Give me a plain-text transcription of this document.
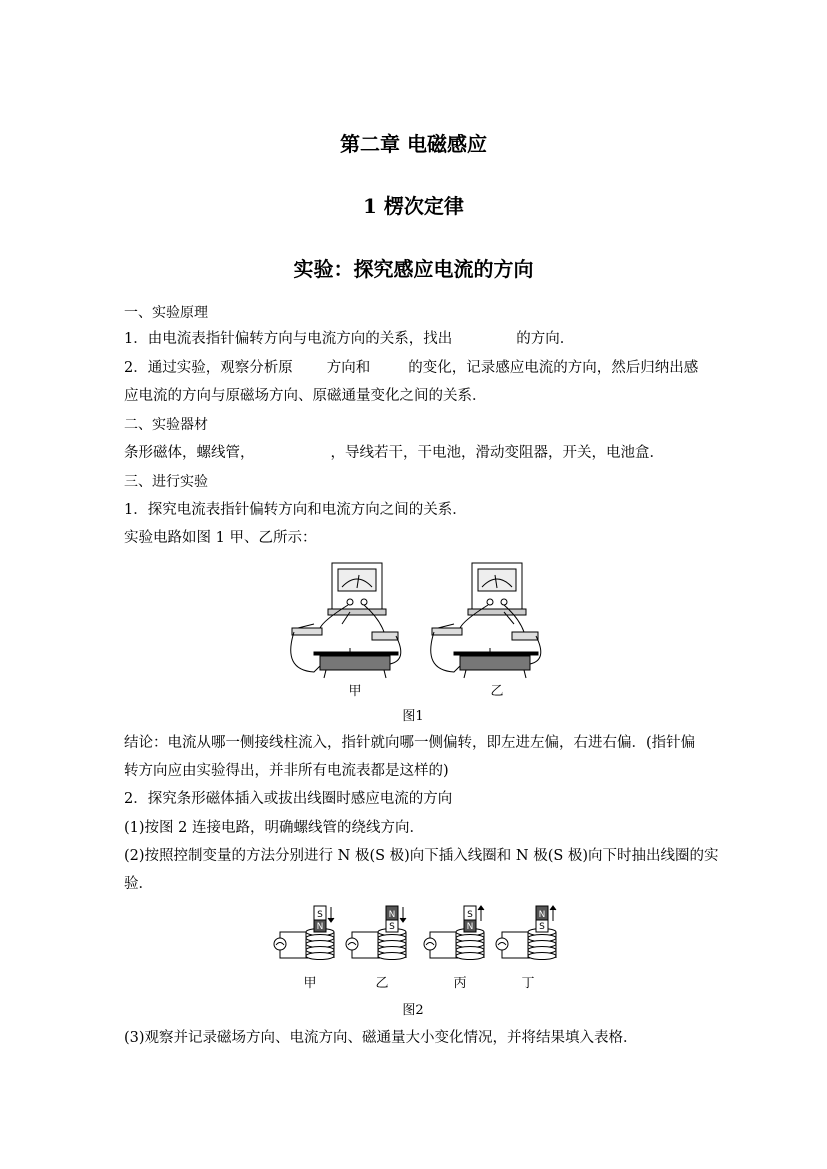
第二章 电磁感应
1 楞次定律
实验：探究感应电流的方向
一、实验原理
1．由电流表指针偏转方向与电流方向的关系，找出	的方向．
2．通过实验，观察分析原 方向和	的变化，记录感应电流的方向，然后归纳出感
应电流的方向与原磁场方向、原磁通量变化之间的关系．
二、实验器材
条形磁体，螺线管，	，导线若干，干电池，滑动变阻器，开关，电池盒．
三、进行实验
1．探究电流表指针偏转方向和电流方向之间的关系．
实验电路如图 1 甲、乙所示：
甲	乙
图1
结论：电流从哪一侧接线柱流入，指针就向哪一侧偏转，即左进左偏，右进右偏．(指针偏
转方向应由实验得出，并非所有电流表都是这样的)
2．探究条形磁体插入或拔出线圈时感应电流的方向
(1)按图 2 连接电路，明确螺线管的绕线方向．
(2)按照控制变量的方法分别进行 N 极(S 极)向下插入线圈和 N 极(S 极)向下时抽出线圈的实
验．
S
N
N
S
S
N
N
S
甲	乙	丙	丁
图2
(3)观察并记录磁场方向、电流方向、磁通量大小变化情况，并将结果填入表格．
